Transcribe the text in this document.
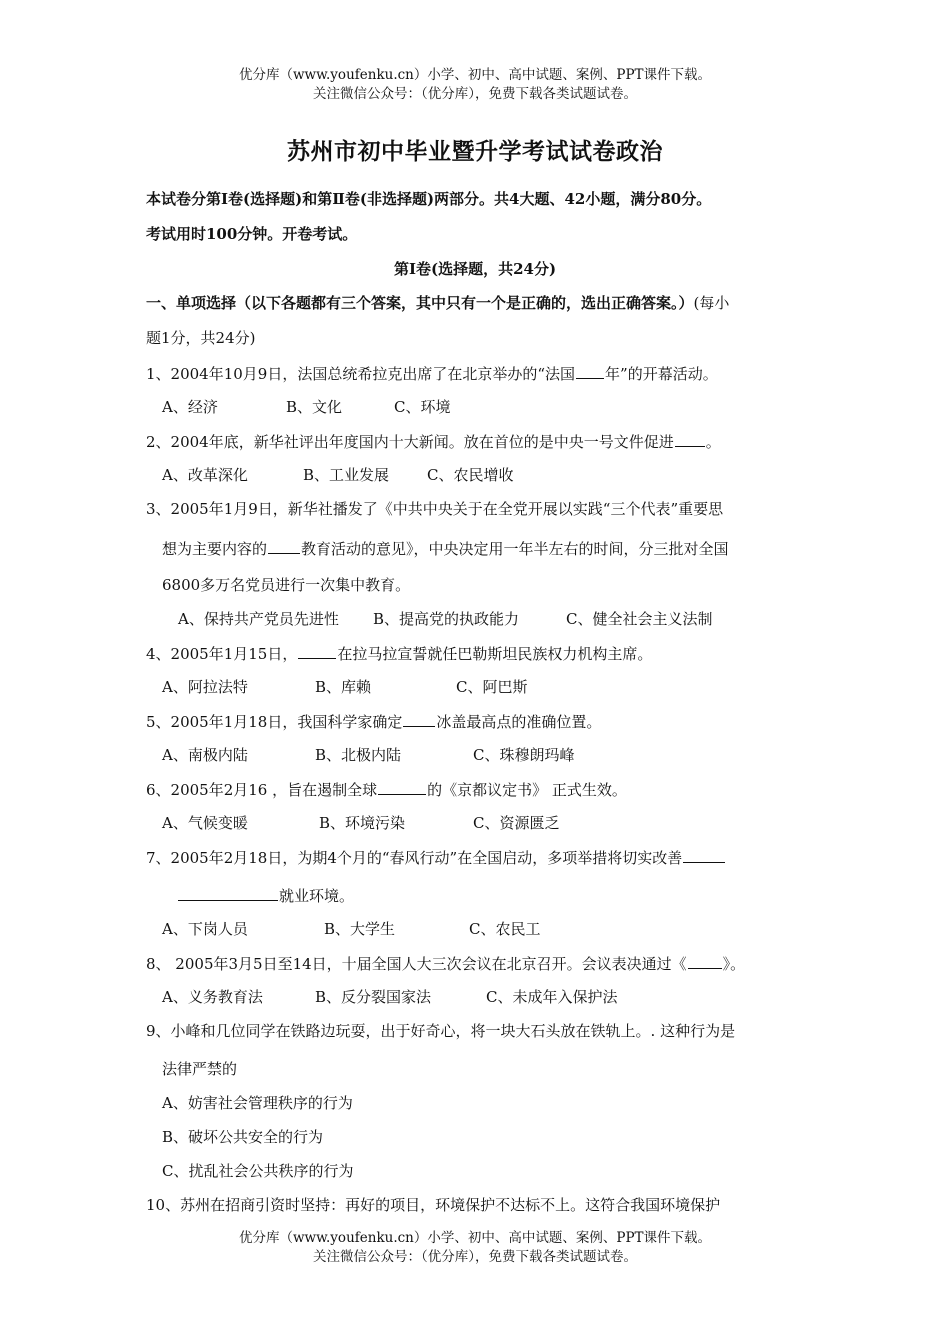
优分库（www.youfenku.cn）小学、初中、高中试题、案例、PPT课件下载。
关注微信公众号：（优分库），免费下载各类试题试卷。
苏州市初中毕业暨升学考试试卷政治
本试卷分第Ⅰ卷(选择题)和第Ⅱ卷(非选择题)两部分。共4大题、42小题，满分80分。
考试用时100分钟。开卷考试。
第Ⅰ卷(选择题，共24分)
一、单项选择（以下各题都有三个答案，其中只有一个是正确的，选出正确答案。）(每小
题1分，共24分)
1、2004年10月9日，法国总统希拉克出席了在北京举办的“法国 年”的开幕活动。
A、经济	B、文化	C、环境
2、2004年底，新华社评出年度国内十大新闻。放在首位的是中央一号文件促进 。
A、改革深化	B、工业发展	C、农民增收
3、2005年1月9日，新华社播发了《中共中央关于在全党开展以实践“三个代表”重要思
想为主要内容的 教育活动的意见》，中央决定用一年半左右的时间，分三批对全国
6800多万名党员进行一次集中教育。
A、保持共产党员先进性 B、提高党的执政能力	C、健全社会主义法制
4、2005年1月15日，	在拉马拉宣誓就任巴勒斯坦民族权力机构主席。
A、阿拉法特	B、库赖	C、阿巴斯
5、2005年1月18日，我国科学家确定 冰盖最高点的准确位置。
A、南极内陆	B、北极内陆	C、珠穆朗玛峰
6、2005年2月16 ，旨在遏制全球	的《京都议定书》 正式生效。
A、气候变暖	B、环境污染	C、资源匮乏
7、2005年2月18日，为期4个月的“春风行动”在全国启动，多项举措将切实改善
就业环境。
A、下岗人员	B、大学生	C、农民工
8、 2005年3月5日至14日，十届全国人大三次会议在北京召开。会议表决通过《 》。
A、义务教育法	B、反分裂国家法	C、未成年入保护法
9、小峰和几位同学在铁路边玩耍，出于好奇心，将一块大石头放在铁轨上。. 这种行为是
法律严禁的
A、妨害社会管理秩序的行为
B、破坏公共安全的行为
C、扰乱社会公共秩序的行为
10、苏州在招商引资时坚持：再好的项目，环境保护不达标不上。这符合我国环境保护
优分库（www.youfenku.cn）小学、初中、高中试题、案例、PPT课件下载。
关注微信公众号：（优分库），免费下载各类试题试卷。
